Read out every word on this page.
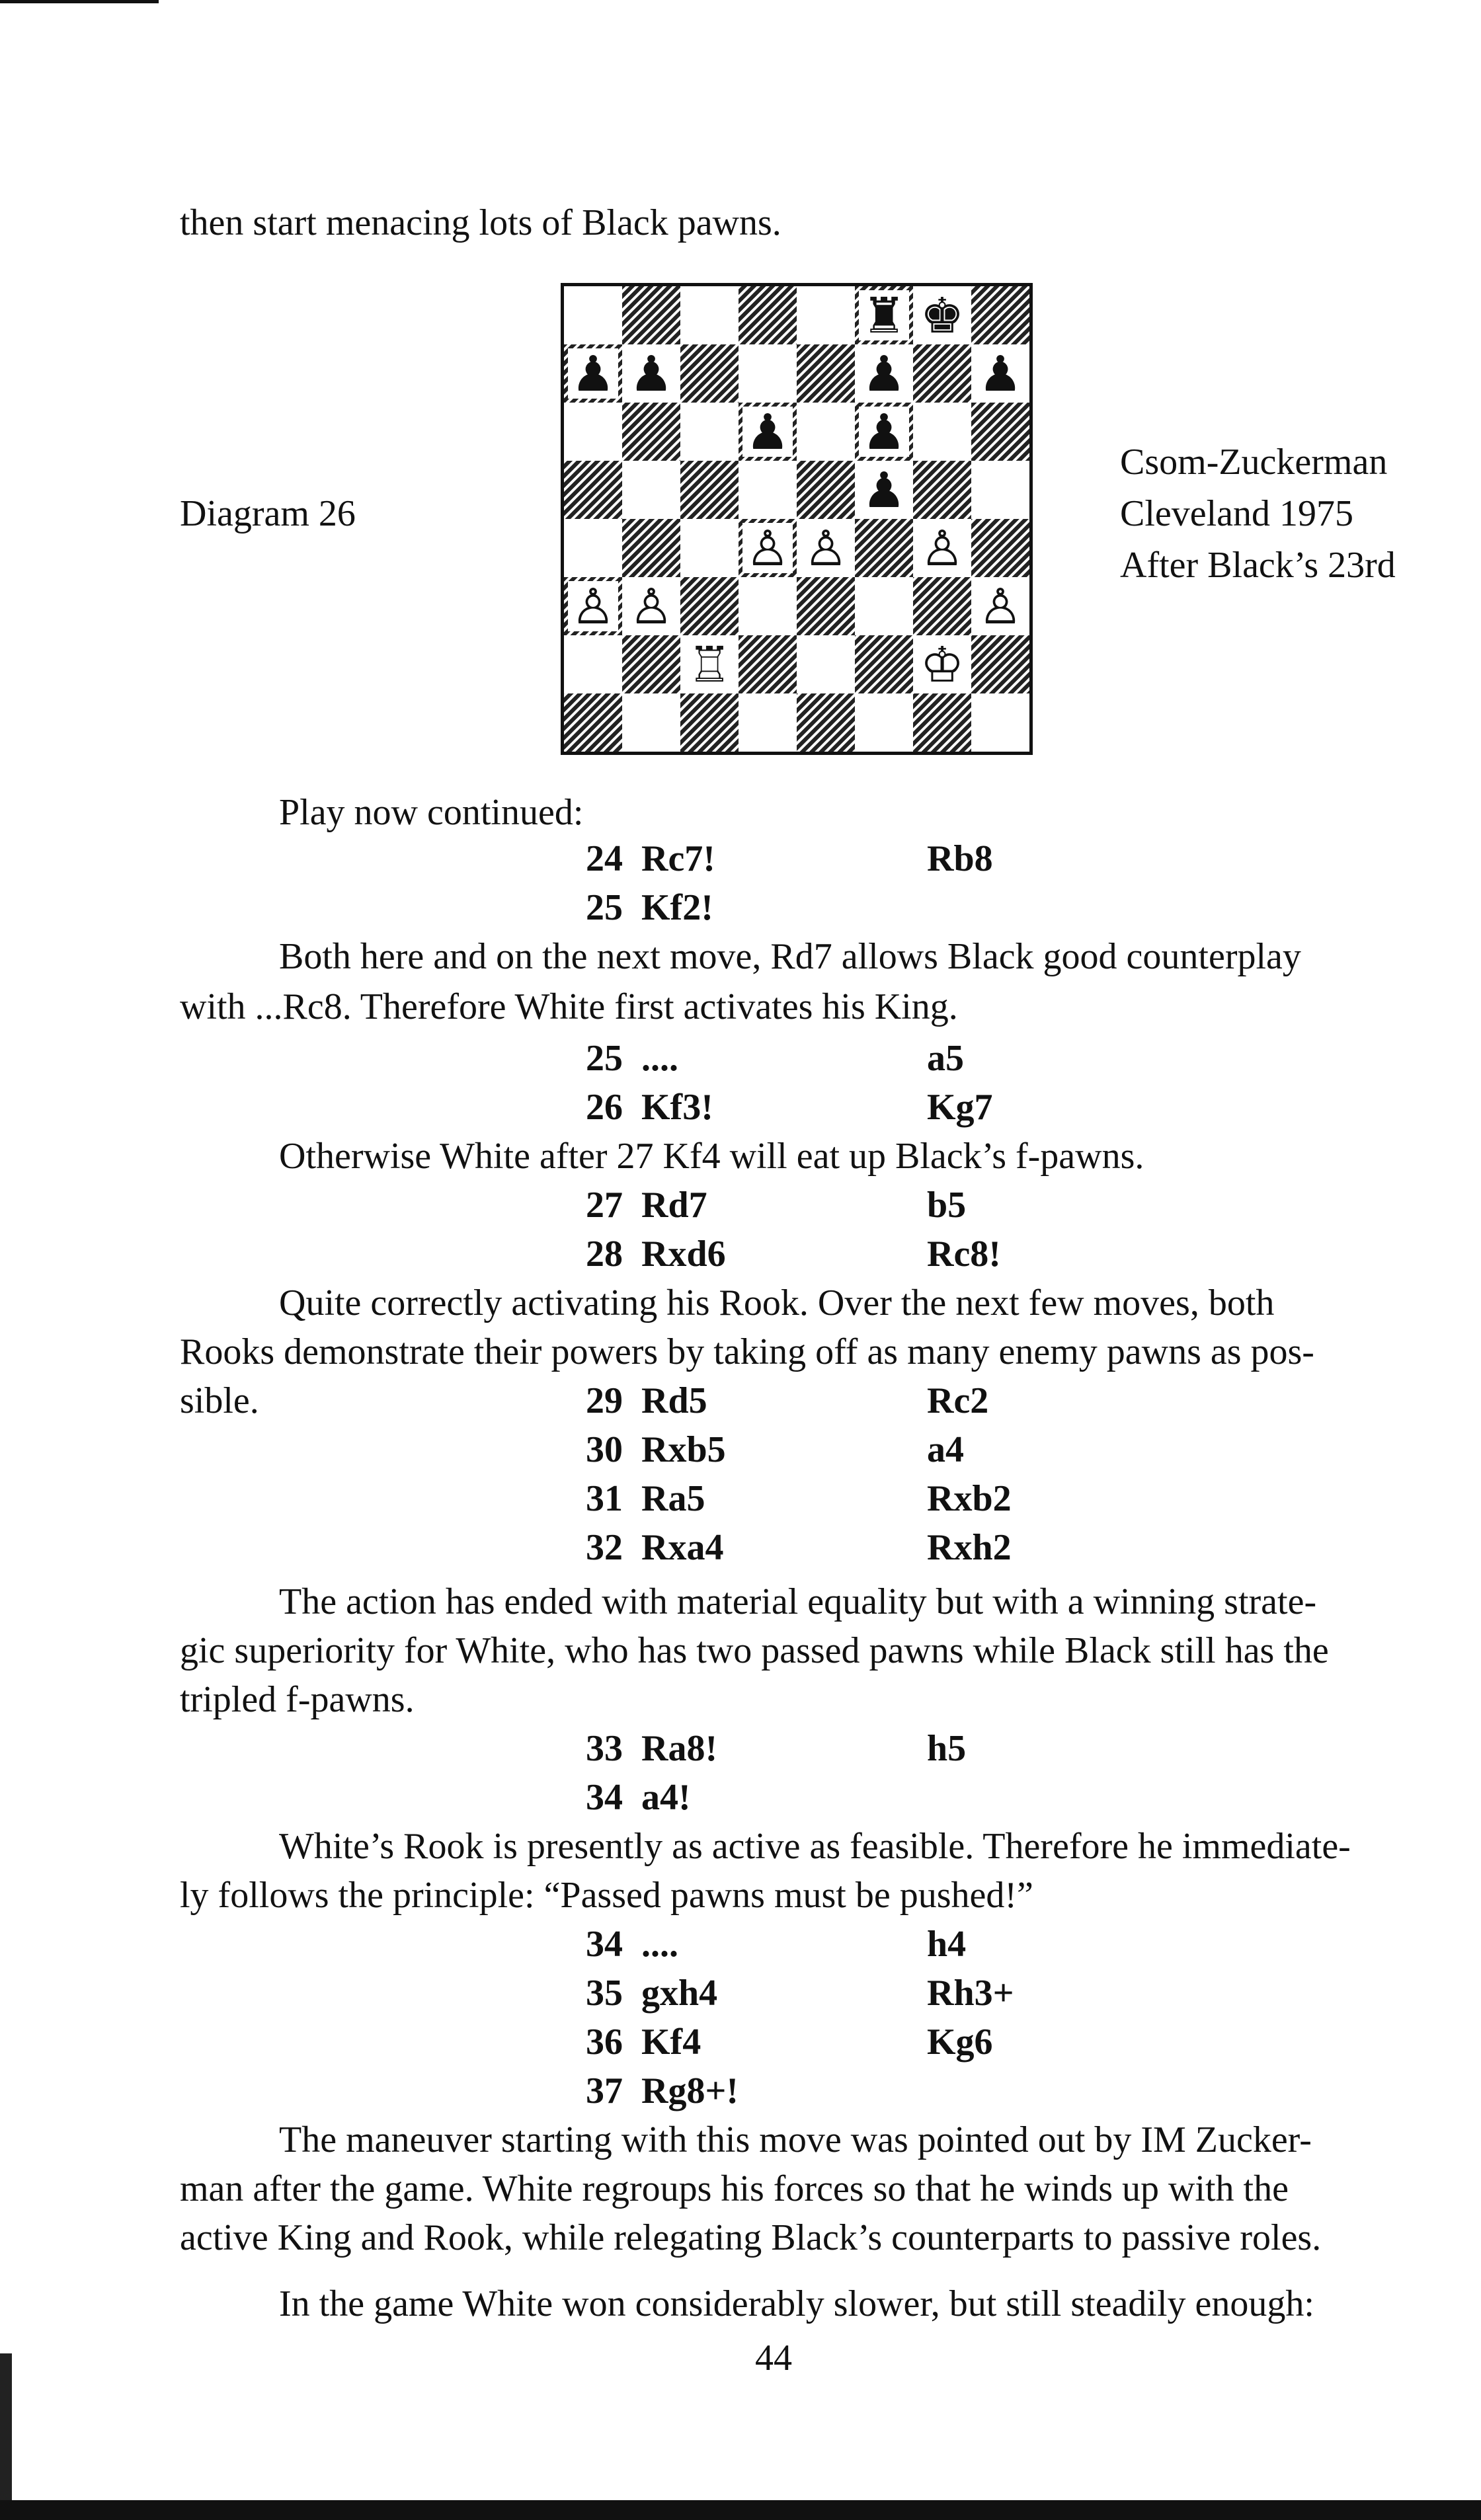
then start menacing lots of Black pawns.
Diagram 26
♜ ♚
♟ ♟	♟ ♟
♟ ♟
♟
♙ ♙ ♙
♙ ♙	♙
♖	♔
Csom-Zuckerman
Cleveland 1975
After Black’s 23rd
Play now continued:
24 Rc7!	Rb8
25 Kf2!
Both here and on the next move, Rd7 allows Black good counterplay
with ...Rc8. Therefore White first activates his King.
25 ....	a5
26 Kf3!	Kg7
Otherwise White after 27 Kf4 will eat up Black’s f-pawns.
27 Rd7	b5
28 Rxd6	Rc8!
Quite correctly activating his Rook. Over the next few moves, both
Rooks demonstrate their powers by taking off as many enemy pawns as pos-
sible.	29 Rd5	Rc2
30 Rxb5	a4
31 Ra5	Rxb2
32 Rxa4	Rxh2
The action has ended with material equality but with a winning strate-
gic superiority for White, who has two passed pawns while Black still has the
tripled f-pawns.
33 Ra8!	h5
34 a4!
White’s Rook is presently as active as feasible. Therefore he immediate-
ly follows the principle: “Passed pawns must be pushed!”
34 ....	h4
35 gxh4	Rh3+
36 Kf4	Kg6
37 Rg8+!
The maneuver starting with this move was pointed out by IM Zucker-
man after the game. White regroups his forces so that he winds up with the
active King and Rook, while relegating Black’s counterparts to passive roles.
In the game White won considerably slower, but still steadily enough:
44
